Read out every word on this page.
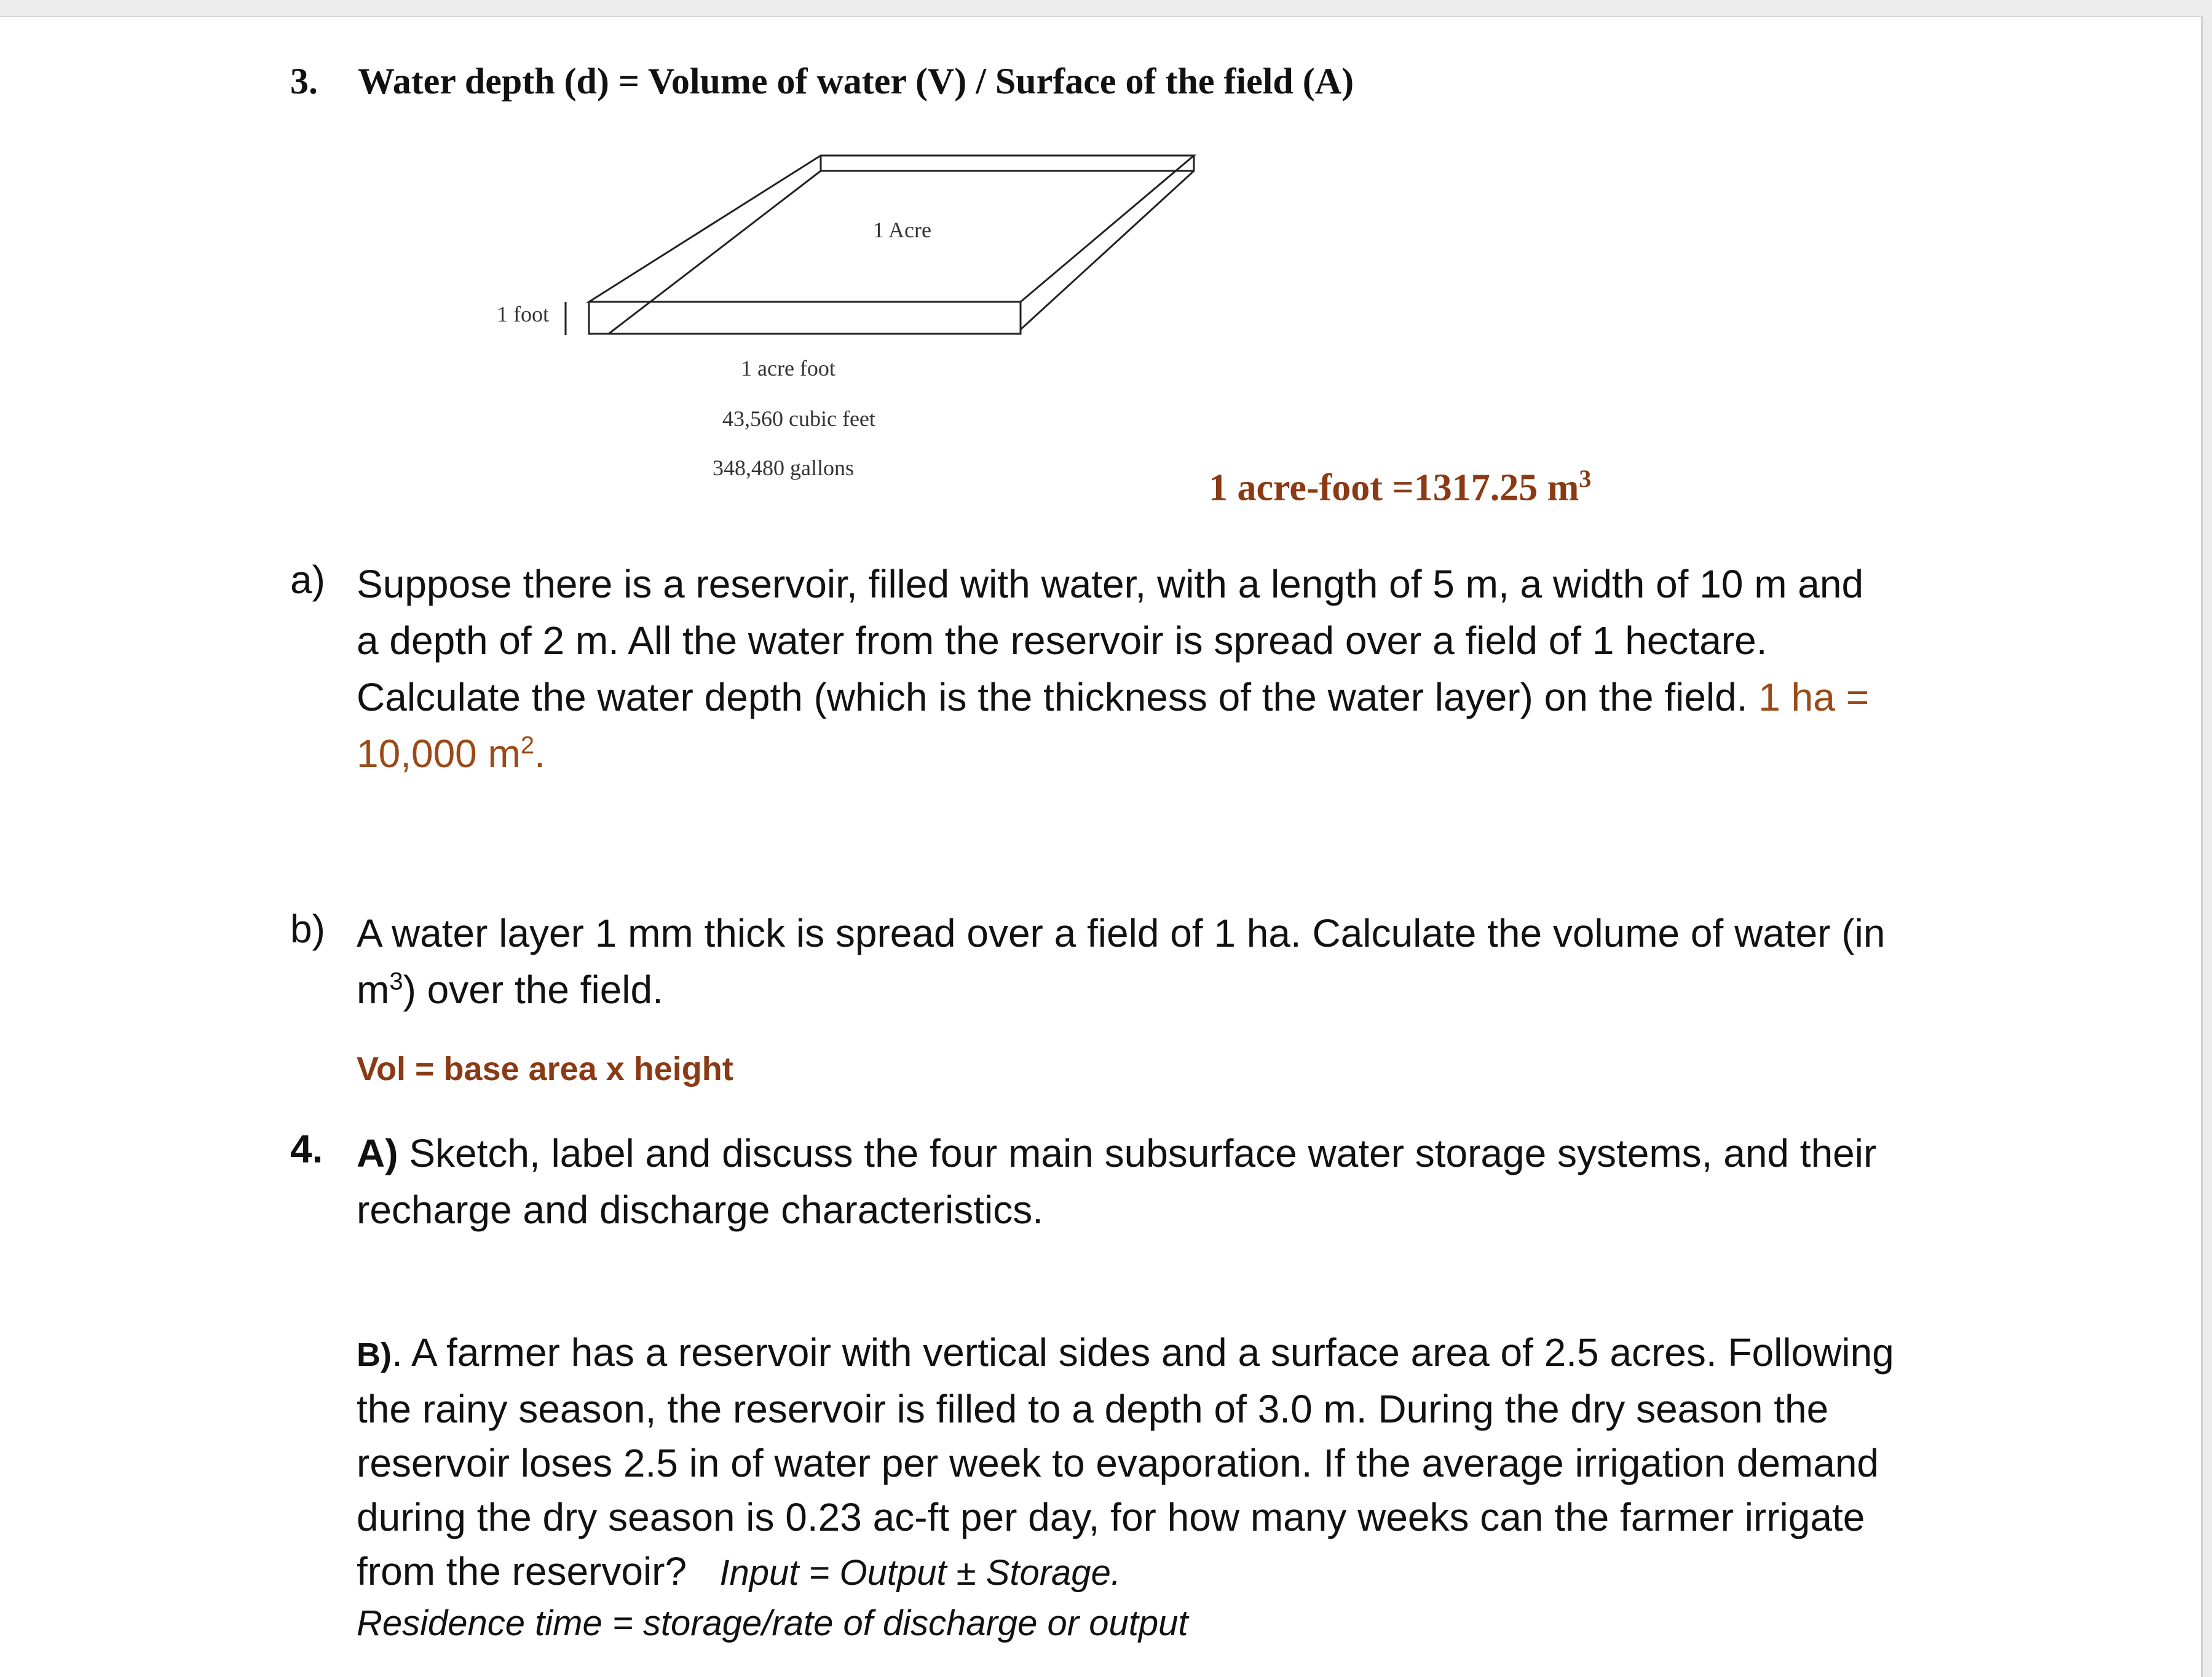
3. Water depth (d) = Volume of water (V) / Surface of the field (A)
1 Acre
1 foot
1 acre foot
43,560 cubic feet
348,480 gallons	1 acre-foot =1317.25 $m^3$
a) Suppose there is a reservoir, filled with water, with a length of 5 m, a width of 10 m and
a depth of 2 m. All the water from the reservoir is spread over a field of 1 hectare.
Calculate the water depth (which is the thickness of the water layer) on the field. 1 ha =
10,000 $m^2$.
b) A water layer 1 mm thick is spread over a field of 1 ha. Calculate the volume of water (in
$m^3$) over the field.
Vol = base area x height
4. A) Sketch, label and discuss the four main subsurface water storage systems, and their
recharge and discharge characteristics.
B). A farmer has a reservoir with vertical sides and a surface area of 2.5 acres. Following
the rainy season, the reservoir is filled to a depth of 3.0 m. During the dry season the
reservoir loses 2.5 in of water per week to evaporation. If the average irrigation demand
during the dry season is 0.23 ac-ft per day, for how many weeks can the farmer irrigate
from the reservoir? Input = Output ± Storage.
Residence time = storage/rate of discharge or output
